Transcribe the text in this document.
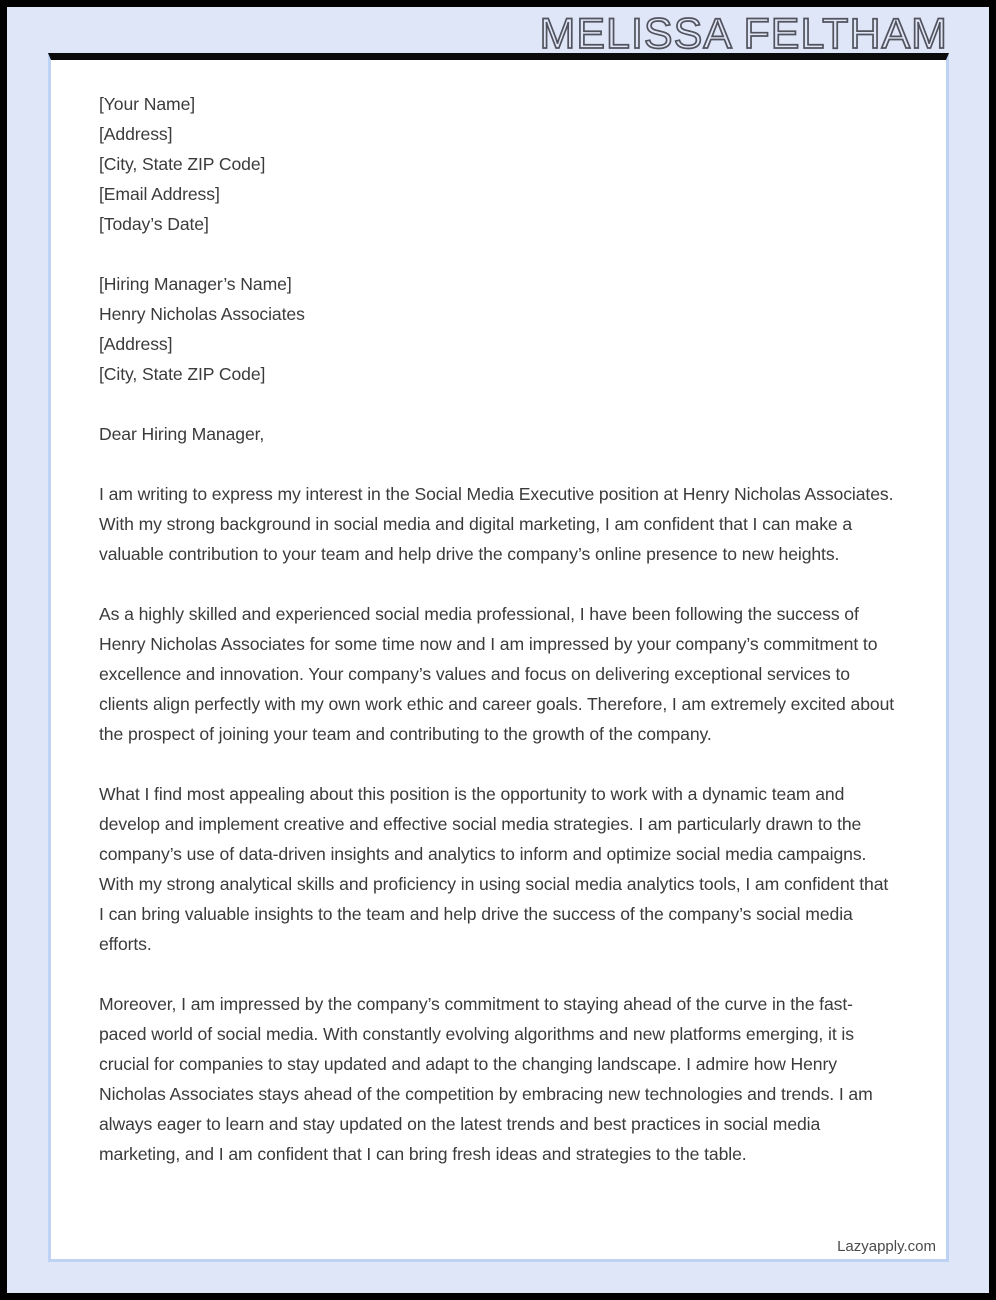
MELISSA FELTHAM
[Your Name]
[Address]
[City, State ZIP Code]
[Email Address]
[Today’s Date]
[Hiring Manager’s Name]
Henry Nicholas Associates
[Address]
[City, State ZIP Code]
Dear Hiring Manager,

I am writing to express my interest in the Social Media Executive position at Henry Nicholas Associates. With my strong background in social media and digital marketing, I am confident that I can make a valuable contribution to your team and help drive the company’s online presence to new heights.

As a highly skilled and experienced social media professional, I have been following the success of Henry Nicholas Associates for some time now and I am impressed by your company’s commitment to excellence and innovation. Your company’s values and focus on delivering exceptional services to clients align perfectly with my own work ethic and career goals. Therefore, I am extremely excited about the prospect of joining your team and contributing to the growth of the company.

What I find most appealing about this position is the opportunity to work with a dynamic team and develop and implement creative and effective social media strategies. I am particularly drawn to the company’s use of data-driven insights and analytics to inform and optimize social media campaigns. With my strong analytical skills and proficiency in using social media analytics tools, I am confident that I can bring valuable insights to the team and help drive the success of the company’s social media efforts.

Moreover, I am impressed by the company’s commitment to staying ahead of the curve in the fast-paced world of social media. With constantly evolving algorithms and new platforms emerging, it is crucial for companies to stay updated and adapt to the changing landscape. I admire how Henry Nicholas Associates stays ahead of the competition by embracing new technologies and trends. I am always eager to learn and stay updated on the latest trends and best practices in social media marketing, and I am confident that I can bring fresh ideas and strategies to the table.

Lazyapply.com
